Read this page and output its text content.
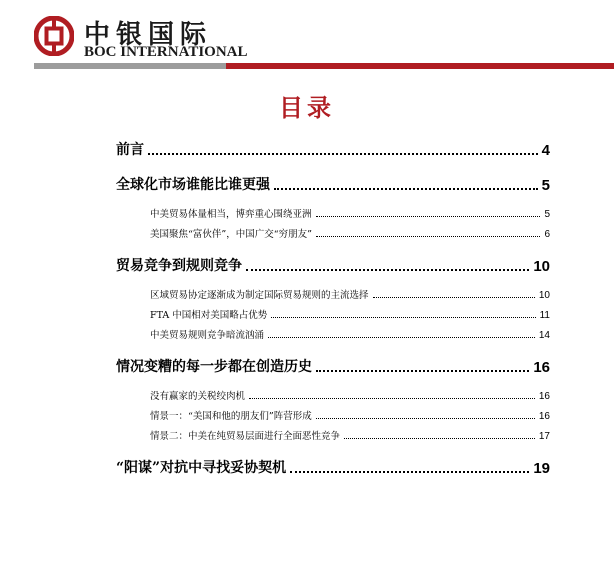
中银国际
BOC INTERNATIONAL
目录
前言	4
全球化市场谁能比谁更强	5
中美贸易体量相当，博弈重心围绕亚洲	5
美国聚焦“富伙伴”，中国广交“穷朋友”	6
贸易竞争到规则竞争	10
区域贸易协定逐渐成为制定国际贸易规则的主流选择	10
FTA 中国相对美国略占优势	11
中美贸易规则竞争暗流汹涌	14
情况变糟的每一步都在创造历史	16
没有赢家的关税绞肉机	16
情景一：“美国和他的朋友们”阵营形成	16
情景二：中美在纯贸易层面进行全面恶性竞争	17
“阳谋”对抗中寻找妥协契机	19
